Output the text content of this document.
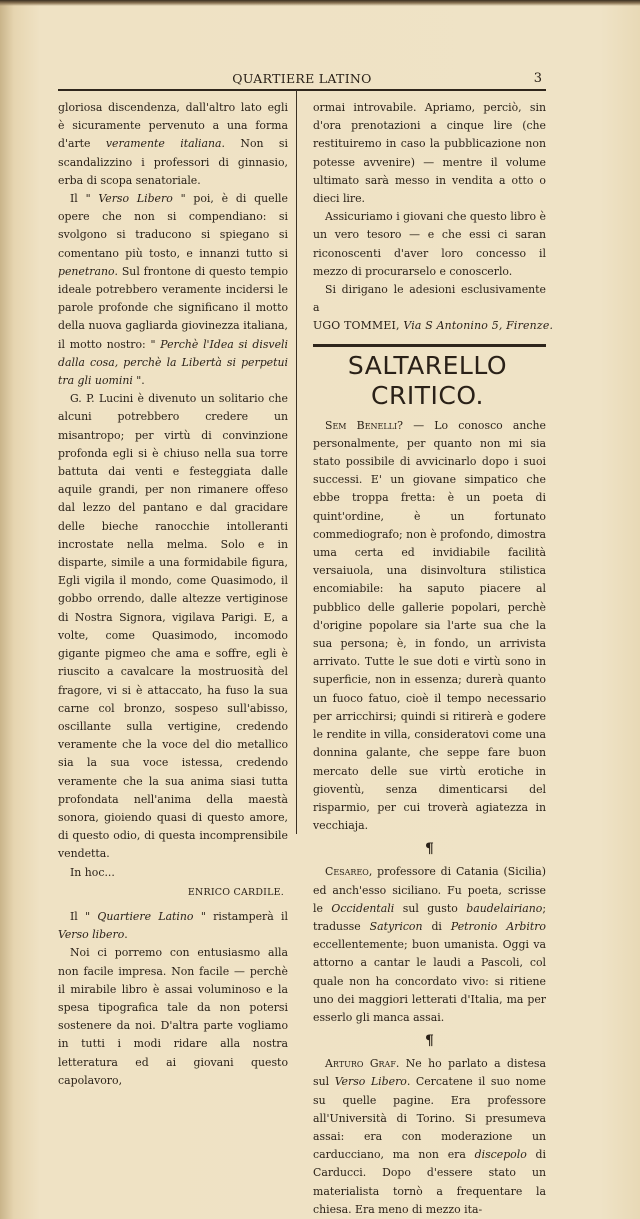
QUARTIERE LATINO	3

gloriosa discendenza, dall'altro lato egli è sicuramente pervenuto a una forma d'arte veramente italiana. Non si scandalizzino i professori di ginnasio, erba di scopa senatoriale.

Il " Verso Libero " poi, è di quelle opere che non si compendiano: si svolgono si traducono si spiegano si comentano più tosto, e innanzi tutto si penetrano. Sul frontone di questo tempio ideale potrebbero veramente incidersi le parole profonde che significano il motto della nuova gagliarda giovinezza italiana, il motto nostro: " Perchè l'Idea si disveli dalla cosa, perchè la Libertà si perpetui tra gli uomini ".

G. P. Lucini è divenuto un solitario che alcuni potrebbero credere un misantropo; per virtù di convinzione profonda egli si è chiuso nella sua torre battuta dai venti e festeggiata dalle aquile grandi, per non rimanere offeso dal lezzo del pantano e dal gracidare delle bieche ranocchie intolleranti incrostate nella melma. Solo e in disparte, simile a una formidabile figura, Egli vigila il mondo, come Quasimodo, il gobbo orrendo, dalle altezze vertiginose di Nostra Signora, vigilava Parigi. E, a volte, come Quasimodo, incomodo gigante pigmeo che ama e soffre, egli è riuscito a cavalcare la mostruosità del fragore, vi si è attaccato, ha fuso la sua carne col bronzo, sospeso sull'abisso, oscillante sulla vertigine, credendo veramente che la voce del dio metallico sia la sua voce istessa, credendo veramente che la sua anima siasi tutta profondata nell'anima della maestà sonora, gioiendo quasi di questo amore, di questo odio, di questa incomprensibile vendetta.

In hoc...

ENRICO CARDILE.

Il " Quartiere Latino " ristamperà il Verso libero.

Noi ci porremo con entusiasmo alla non facile impresa. Non facile — perchè il mirabile libro è assai voluminoso e la spesa tipografica tale da non potersi sostenere da noi. D'altra parte vogliamo in tutti i modi ridare alla nostra letteratura ed ai giovani questo capolavoro,

ormai introvabile. Apriamo, perciò, sin d'ora prenotazioni a cinque lire (che restituiremo in caso la pubblicazione non potesse avvenire) — mentre il volume ultimato sarà messo in vendita a otto o dieci lire.

Assicuriamo i giovani che questo libro è un vero tesoro — e che essi ci saran riconoscenti d'aver loro concesso il mezzo di procurarselo e conoscerlo.

Si dirigano le adesioni esclusivamente a

UGO TOMMEI, Via S Antonino 5, Firenze.

SALTARELLO CRITICO.

Sem Benelli? — Lo conosco anche personalmente, per quanto non mi sia stato possibile di avvicinarlo dopo i suoi successi. E' un giovane simpatico che ebbe troppa fretta: è un poeta di quint'ordine, è un fortunato commediografo; non è profondo, dimostra uma certa ed invidiabile facilità versaiuola, una disinvoltura stilistica encomiabile: ha saputo piacere al pubblico delle gallerie popolari, perchè d'origine popolare sia l'arte sua che la sua persona; è, in fondo, un arrivista arrivato. Tutte le sue doti e virtù sono in superficie, non in essenza; durerà quanto un fuoco fatuo, cioè il tempo necessario per arricchirsi; quindi si ritirerà e godere le rendite in villa, consideratovi come una donnina galante, che seppe fare buon mercato delle sue virtù erotiche in gioventù, senza dimenticarsi del risparmio, per cui troverà agiatezza in vecchiaja.

¶

Cesareo, professore di Catania (Sicilia) ed anch'esso siciliano. Fu poeta, scrisse le Occidentali sul gusto baudelairiano; tradusse Satyricon di Petronio Arbitro eccellentemente; buon umanista. Oggi va attorno a cantar le laudi a Pascoli, col quale non ha concordato vivo: si ritiene uno dei maggiori letterati d'Italia, ma per esserlo gli manca assai.

¶

Arturo Graf. Ne ho parlato a distesa sul Verso Libero. Cercatene il suo nome su quelle pagine. Era professore all'Università di Torino. Si presumeva assai: era con moderazione un carducciano, ma non era discepolo di Carducci. Dopo d'essere stato un materialista tornò a frequentare la chiesa. Era meno di mezzo ita-
